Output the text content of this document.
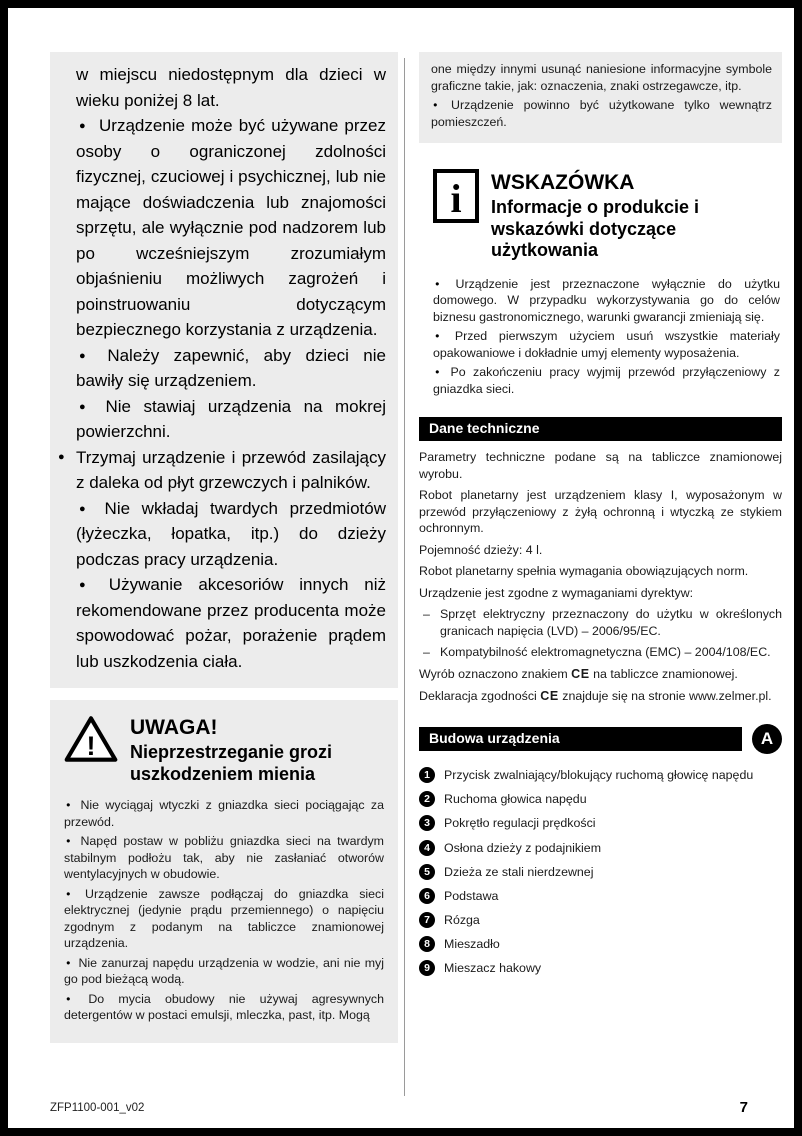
w miejscu niedostępnym dla dzieci w wieku poniżej 8 lat.

● Urządzenie może być używane przez osoby o ograniczonej zdolności fizycznej, czuciowej i psychicznej, lub nie mające doświadczenia lub znajomości sprzętu, ale wyłącznie pod nadzorem lub po wcześniejszym zrozumiałym objaśnieniu możliwych zagrożeń i poinstruowaniu dotyczącym bezpiecznego korzystania z urządzenia.

● Należy zapewnić, aby dzieci nie bawiły się urządzeniem.

● Nie stawiaj urządzenia na mokrej powierzchni.

● Trzymaj urządzenie i przewód zasilający z daleka od płyt grzewczych i palników.

● Nie wkładaj twardych przedmiotów (łyżeczka, łopatka, itp.) do dzieży podczas pracy urządzenia.

● Używanie akcesoriów innych niż rekomendowane przez producenta może spowodować pożar, porażenie prądem lub uszkodzenia ciała.

!
UWAGA!
Nieprzestrzeganie grozi uszkodzeniem mienia

● Nie wyciągaj wtyczki z gniazdka sieci pociągając za przewód.

● Napęd postaw w pobliżu gniazdka sieci na twardym stabilnym podłożu tak, aby nie zasłaniać otworów wentylacyjnych w obudowie.

● Urządzenie zawsze podłączaj do gniazdka sieci elektrycznej (jedynie prądu przemiennego) o napięciu zgodnym z podanym na tabliczce znamionowej urządzenia.

● Nie zanurzaj napędu urządzenia w wodzie, ani nie myj go pod bieżącą wodą.

● Do mycia obudowy nie używaj agresywnych detergentów w postaci emulsji, mleczka, past, itp. Mogą

one między innymi usunąć naniesione informacyjne symbole graficzne takie, jak: oznaczenia, znaki ostrzegawcze, itp.

● Urządzenie powinno być użytkowane tylko wewnątrz pomieszczeń.

i	WSKAZÓWKA
Informacje o produkcie i wskazówki dotyczące użytkowania

● Urządzenie jest przeznaczone wyłącznie do użytku domowego. W przypadku wykorzystywania go do celów biznesu gastronomicznego, warunki gwarancji zmieniają się.

● Przed pierwszym użyciem usuń wszystkie materiały opakowaniowe i dokładnie umyj elementy wyposażenia.

● Po zakończeniu pracy wyjmij przewód przyłączeniowy z gniazdka sieci.

Dane techniczne

Parametry techniczne podane są na tabliczce znamionowej wyrobu.

Robot planetarny jest urządzeniem klasy I, wyposażonym w przewód przyłączeniowy z żyłą ochronną i wtyczką ze stykiem ochronnym.

Pojemność dzieży: 4 l.

Robot planetarny spełnia wymagania obowiązujących norm.

Urządzenie jest zgodne z wymaganiami dyrektyw:

– Sprzęt elektryczny przeznaczony do użytku w określonych granicach napięcia (LVD) – 2006/95/EC.

– Kompatybilność elektromagnetyczna (EMC) – 2004/108/EC.

Wyrób oznaczono znakiem CE na tabliczce znamionowej.

Deklaracja zgodności CE znajduje się na stronie www.zelmer.pl.

Budowa urządzenia	A
1	Przycisk zwalniający/blokujący ruchomą głowicę napędu
2	Ruchoma głowica napędu
3	Pokrętło regulacji prędkości
4	Osłona dzieży z podajnikiem
5	Dzieża ze stali nierdzewnej
6	Podstawa
7	Rózga
8	Mieszadło
9	Mieszacz hakowy
ZFP1100-001_v02	7
